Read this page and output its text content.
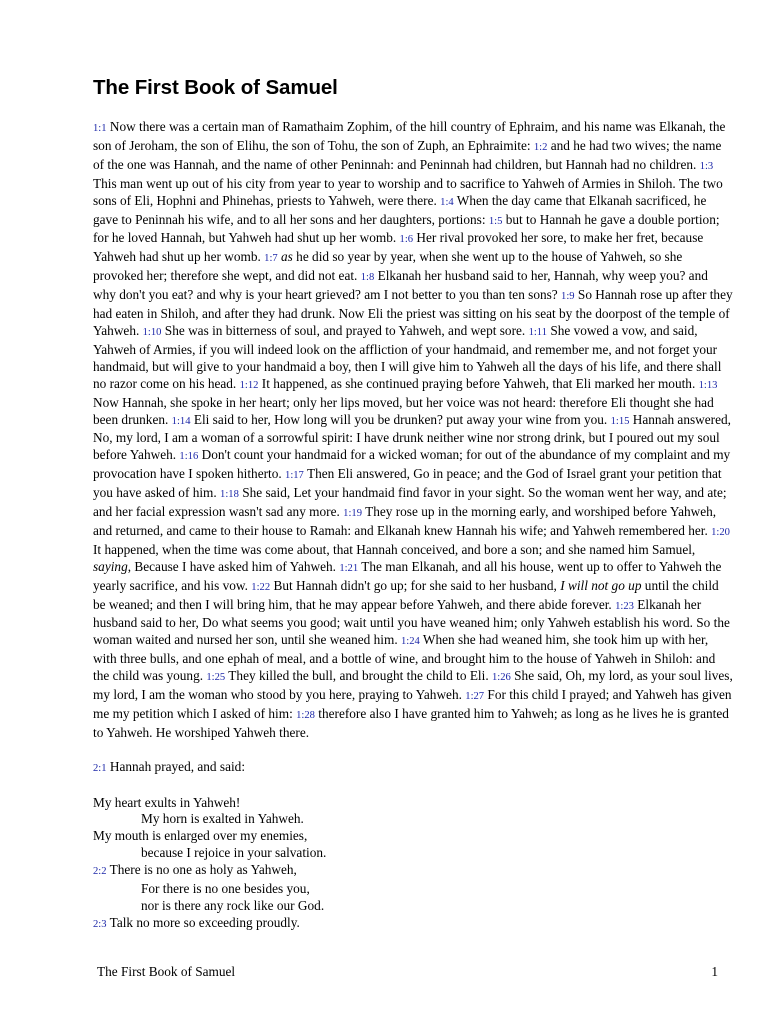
The First Book of Samuel

1:1 Now there was a certain man of Ramathaim Zophim, of the hill country of Ephraim, and his name was Elkanah, the son of Jeroham, the son of Elihu, the son of Tohu, the son of Zuph, an Ephraimite: 1:2 and he had two wives; the name of the one was Hannah, and the name of other Peninnah: and Peninnah had children, but Hannah had no children. 1:3 This man went up out of his city from year to year to worship and to sacrifice to Yahweh of Armies in Shiloh. The two sons of Eli, Hophni and Phinehas, priests to Yahweh, were there. 1:4 When the day came that Elkanah sacrificed, he gave to Peninnah his wife, and to all her sons and her daughters, portions: 1:5 but to Hannah he gave a double portion; for he loved Hannah, but Yahweh had shut up her womb. 1:6 Her rival provoked her sore, to make her fret, because Yahweh had shut up her womb. 1:7 as he did so year by year, when she went up to the house of Yahweh, so she provoked her; therefore she wept, and did not eat. 1:8 Elkanah her husband said to her, Hannah, why weep you? and why don't you eat? and why is your heart grieved? am I not better to you than ten sons? 1:9 So Hannah rose up after they had eaten in Shiloh, and after they had drunk. Now Eli the priest was sitting on his seat by the doorpost of the temple of Yahweh. 1:10 She was in bitterness of soul, and prayed to Yahweh, and wept sore. 1:11 She vowed a vow, and said, Yahweh of Armies, if you will indeed look on the affliction of your handmaid, and remember me, and not forget your handmaid, but will give to your handmaid a boy, then I will give him to Yahweh all the days of his life, and there shall no razor come on his head. 1:12 It happened, as she continued praying before Yahweh, that Eli marked her mouth. 1:13 Now Hannah, she spoke in her heart; only her lips moved, but her voice was not heard: therefore Eli thought she had been drunken. 1:14 Eli said to her, How long will you be drunken? put away your wine from you. 1:15 Hannah answered, No, my lord, I am a woman of a sorrowful spirit: I have drunk neither wine nor strong drink, but I poured out my soul before Yahweh. 1:16 Don't count your handmaid for a wicked woman; for out of the abundance of my complaint and my provocation have I spoken hitherto. 1:17 Then Eli answered, Go in peace; and the God of Israel grant your petition that you have asked of him. 1:18 She said, Let your handmaid find favor in your sight. So the woman went her way, and ate; and her facial expression wasn't sad any more. 1:19 They rose up in the morning early, and worshiped before Yahweh, and returned, and came to their house to Ramah: and Elkanah knew Hannah his wife; and Yahweh remembered her. 1:20 It happened, when the time was come about, that Hannah conceived, and bore a son; and she named him Samuel, saying, Because I have asked him of Yahweh. 1:21 The man Elkanah, and all his house, went up to offer to Yahweh the yearly sacrifice, and his vow. 1:22 But Hannah didn't go up; for she said to her husband, I will not go up until the child be weaned; and then I will bring him, that he may appear before Yahweh, and there abide forever. 1:23 Elkanah her husband said to her, Do what seems you good; wait until you have weaned him; only Yahweh establish his word. So the woman waited and nursed her son, until she weaned him. 1:24 When she had weaned him, she took him up with her, with three bulls, and one ephah of meal, and a bottle of wine, and brought him to the house of Yahweh in Shiloh: and the child was young. 1:25 They killed the bull, and brought the child to Eli. 1:26 She said, Oh, my lord, as your soul lives, my lord, I am the woman who stood by you here, praying to Yahweh. 1:27 For this child I prayed; and Yahweh has given me my petition which I asked of him: 1:28 therefore also I have granted him to Yahweh; as long as he lives he is granted to Yahweh. He worshiped Yahweh there.

2:1 Hannah prayed, and said:

My heart exults in Yahweh!
My horn is exalted in Yahweh.
My mouth is enlarged over my enemies,
because I rejoice in your salvation.
2:2 There is no one as holy as Yahweh,
For there is no one besides you,
nor is there any rock like our God.
2:3 Talk no more so exceeding proudly.
The First Book of Samuel	1
